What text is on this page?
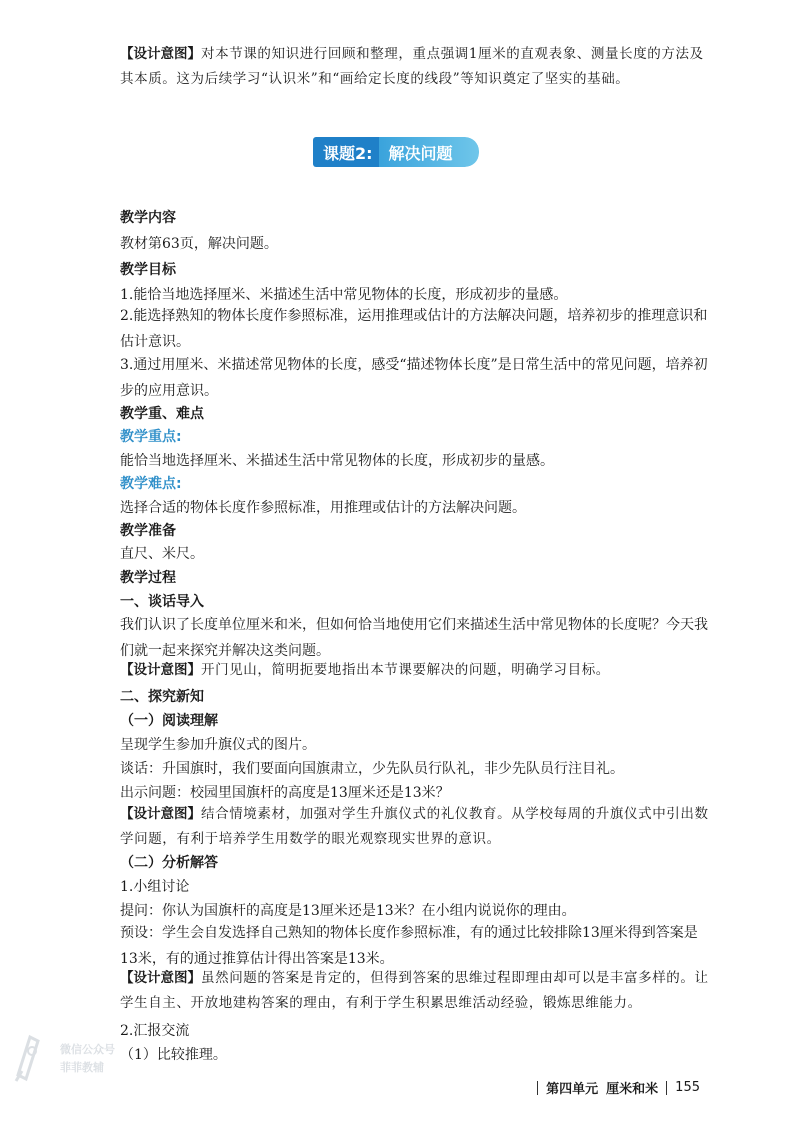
【设计意图】对本节课的知识进行回顾和整理，重点强调1厘米的直观表象、测量长度的方法及其本质。这为后续学习“认识米”和“画给定长度的线段”等知识奠定了坚实的基础。
课题2:	解决问题
教学内容
教材第63页，解决问题。
教学目标
1.能恰当地选择厘米、米描述生活中常见物体的长度，形成初步的量感。
2.能选择熟知的物体长度作参照标准，运用推理或估计的方法解决问题，培养初步的推理意识和估计意识。
3.通过用厘米、米描述常见物体的长度，感受“描述物体长度”是日常生活中的常见问题，培养初步的应用意识。
教学重、难点
教学重点:
能恰当地选择厘米、米描述生活中常见物体的长度，形成初步的量感。
教学难点:
选择合适的物体长度作参照标准，用推理或估计的方法解决问题。
教学准备
直尺、米尺。
教学过程
一、谈话导入
我们认识了长度单位厘米和米，但如何恰当地使用它们来描述生活中常见物体的长度呢？今天我们就一起来探究并解决这类问题。
【设计意图】开门见山，简明扼要地指出本节课要解决的问题，明确学习目标。
二、探究新知
（一）阅读理解
呈现学生参加升旗仪式的图片。
谈话：升国旗时，我们要面向国旗肃立，少先队员行队礼，非少先队员行注目礼。
出示问题：校园里国旗杆的高度是13厘米还是13米？
【设计意图】结合情境素材，加强对学生升旗仪式的礼仪教育。从学校每周的升旗仪式中引出数学问题，有利于培养学生用数学的眼光观察现实世界的意识。
（二）分析解答
1.小组讨论
提问：你认为国旗杆的高度是13厘米还是13米？在小组内说说你的理由。
预设：学生会自发选择自己熟知的物体长度作参照标准，有的通过比较排除13厘米得到答案是13米，有的通过推算估计得出答案是13米。
【设计意图】虽然问题的答案是肯定的，但得到答案的思维过程即理由却可以是丰富多样的。让学生自主、开放地建构答案的理由，有利于学生积累思维活动经验，锻炼思维能力。
2.汇报交流
（1）比较推理。
微信公众号
菲菲教辅
第四单元 厘米和米 155
